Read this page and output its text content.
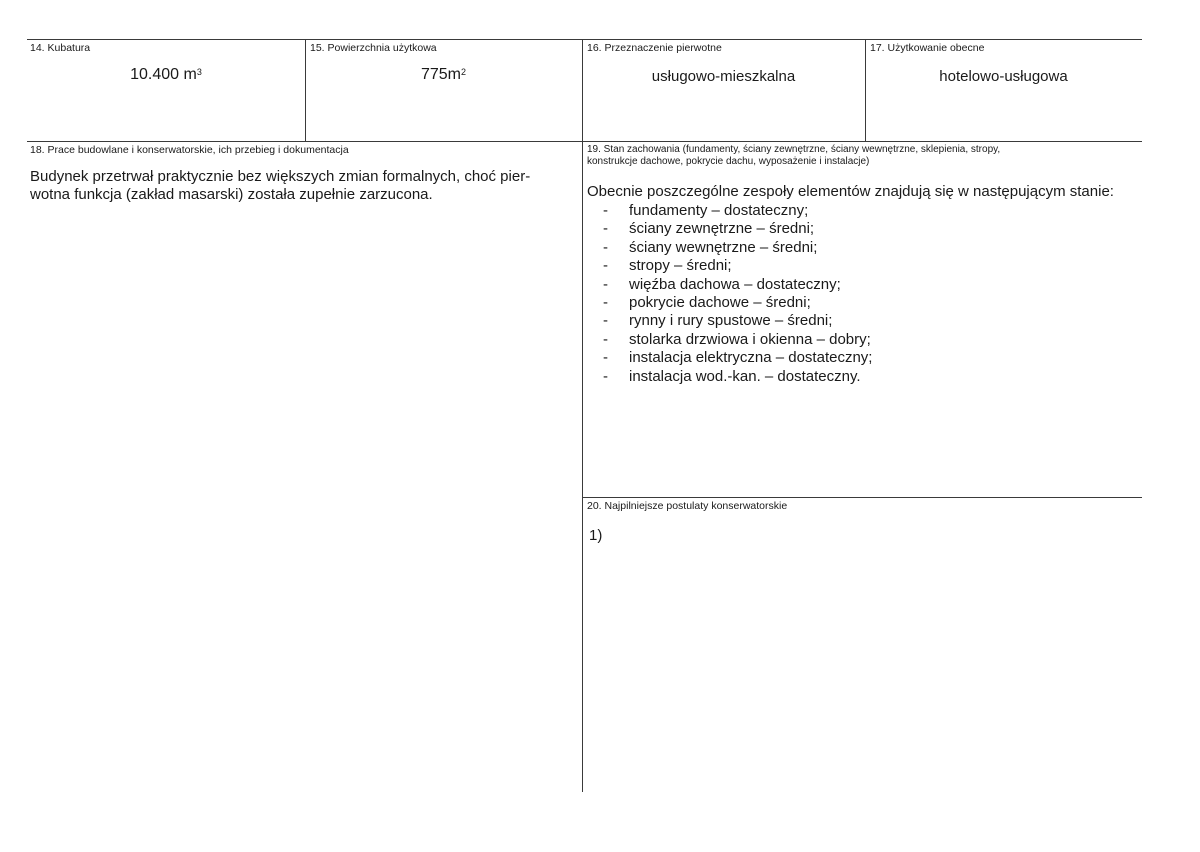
14. Kubatura
10.400 $m^3$
15. Powierzchnia użytkowa
$775m^2$
16. Przeznaczenie pierwotne
usługowo-mieszkalna
17. Użytkowanie obecne
hotelowo-usługowa
18. Prace budowlane i konserwatorskie, ich przebieg i dokumentacja
Budynek przetrwał praktycznie bez większych zmian formalnych, choć pier-
wotna funkcja (zakład masarski) została zupełnie zarzucona.
19. Stan zachowania (fundamenty, ściany zewnętrzne, ściany wewnętrzne, sklepienia, stropy,
konstrukcje dachowe, pokrycie dachu, wyposażenie i instalacje)
Obecnie poszczególne zespoły elementów znajdują się w następującym stanie:
- fundamenty – dostateczny;
- ściany zewnętrzne – średni;
- ściany wewnętrzne – średni;
- stropy – średni;
- więźba dachowa – dostateczny;
- pokrycie dachowe – średni;
- rynny i rury spustowe – średni;
- stolarka drzwiowa i okienna – dobry;
- instalacja elektryczna – dostateczny;
- instalacja wod.-kan. – dostateczny.
20. Najpilniejsze postulaty konserwatorskie
1)
